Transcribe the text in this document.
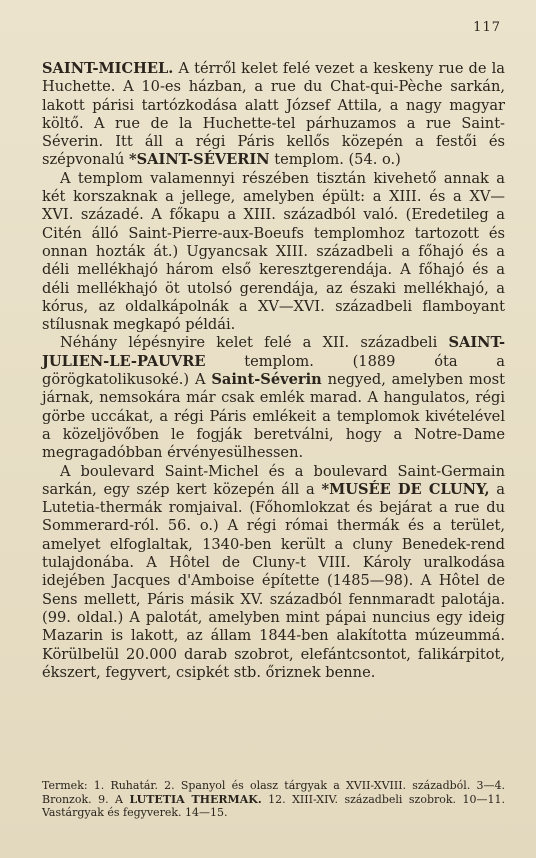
117

SAINT-MICHEL. A térről kelet felé vezet a keskeny rue de la Huchette. A 10-es házban, a rue du Chat-qui-Pèche sarkán, lakott párisi tartózkodása alatt József Attila, a nagy magyar költő. A rue de la Huchette-tel párhuzamos a rue Saint-Séverin. Itt áll a régi Páris kellős közepén a festői és szépvonalú *SAINT-SÉVERIN templom. (54. o.)

A templom valamennyi részében tisztán kivehető annak a két korszaknak a jellege, amelyben épült: a XIII. és a XV—XVI. századé. A főkapu a XIII. századból való. (Eredetileg a Citén álló Saint-Pierre-aux-Boeufs templomhoz tartozott és onnan hozták át.) Ugyancsak XIII. századbeli a főhajó és a déli mellékhajó három első keresztgerendája. A főhajó és a déli mellékhajó öt utolsó gerendája, az északi mellékhajó, a kórus, az oldalkápolnák a XV—XVI. századbeli flamboyant stílusnak megkapó példái.

Néhány lépésnyire kelet felé a XII. századbeli SAINT-JULIEN-LE-PAUVRE templom. (1889 óta a görögkatolikusoké.) A Saint-Séverin negyed, amelyben most járnak, nemsokára már csak emlék marad. A hangulatos, régi görbe uccákat, a régi Páris emlékeit a templomok kivételével a közeljövőben le fogják beretválni, hogy a Notre-Dame megragadóbban érvényesülhessen.

A boulevard Saint-Michel és a boulevard Saint-Germain sarkán, egy szép kert közepén áll a *MUSÉE DE CLUNY, a Lutetia-thermák romjaival. (Főhomlokzat és bejárat a rue du Sommerard-ról. 56. o.) A régi római thermák és a terület, amelyet elfoglaltak, 1340-ben került a cluny Benedek-rend tulajdonába. A Hôtel de Cluny-t VIII. Károly uralkodása idejében Jacques d'Amboise építette (1485—98). A Hôtel de Sens mellett, Páris másik XV. századból fennmaradt palotája. (99. oldal.) A palotát, amelyben mint pápai nuncius egy ideig Mazarin is lakott, az állam 1844-ben alakította múzeummá. Körülbelül 20.000 darab szobrot, elefántcsontot, falikárpitot, ékszert, fegyvert, csipkét stb. őriznek benne.

Termek: 1. Ruhatár. 2. Spanyol és olasz tárgyak a XVII-XVIII. századból. 3—4. Bronzok. 9. A LUTETIA THERMAK. 12. XIII-XIV. századbeli szobrok. 10—11. Vastárgyak és fegyverek. 14—15.
